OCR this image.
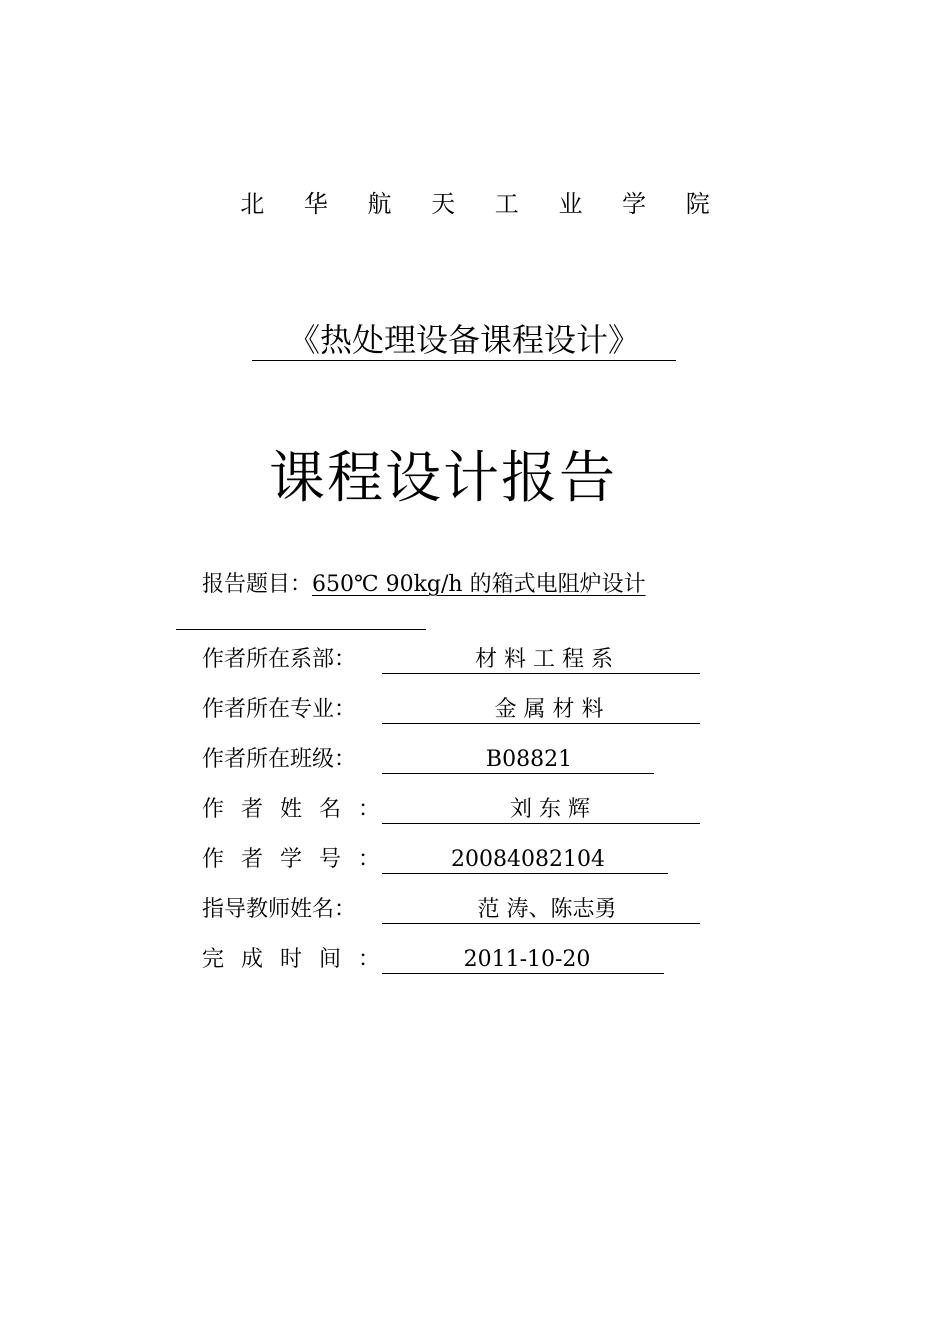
北 华 航 天 工 业 学 院
《热处理设备课程设计》
课程设计报告
报告题目：650℃ 90kg/h 的箱式电阻炉设计
作者所在系部：	材 料 工 程 系
作者所在专业：	金 属 材 料
作者所在班级：	B08821
作者姓名：	刘 东 辉
作者学号：	20084082104
指导教师姓名：	范 涛、陈志勇
完成时间：	2011-10-20
